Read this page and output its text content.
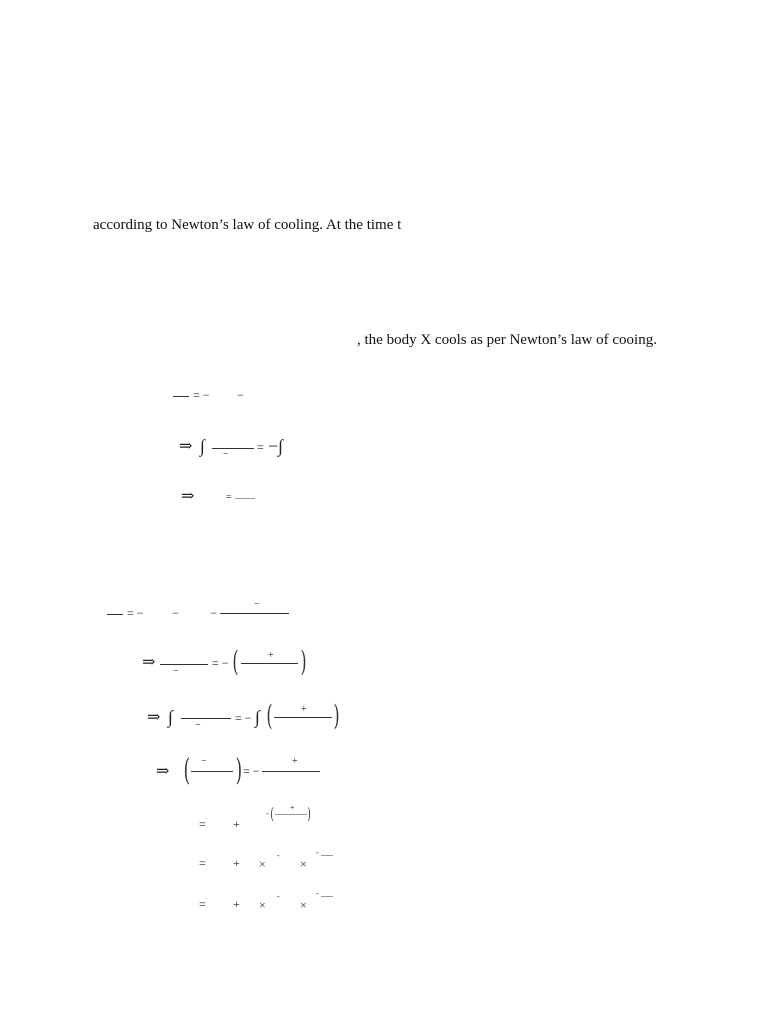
according to Newton’s law of cooling. At the time t
, the body X cools as per Newton’s law of cooing.
= − −
⇒ ∫ −
= −∫
⇒	=
= − −	−
−
⇒
−
= − (	+ )
⇒ ∫ −
= − ∫ (	+ )
⇒ ( − ) = −
+
= +
- ( + )
= + ×
-
×
-
= + ×
-
×
-
